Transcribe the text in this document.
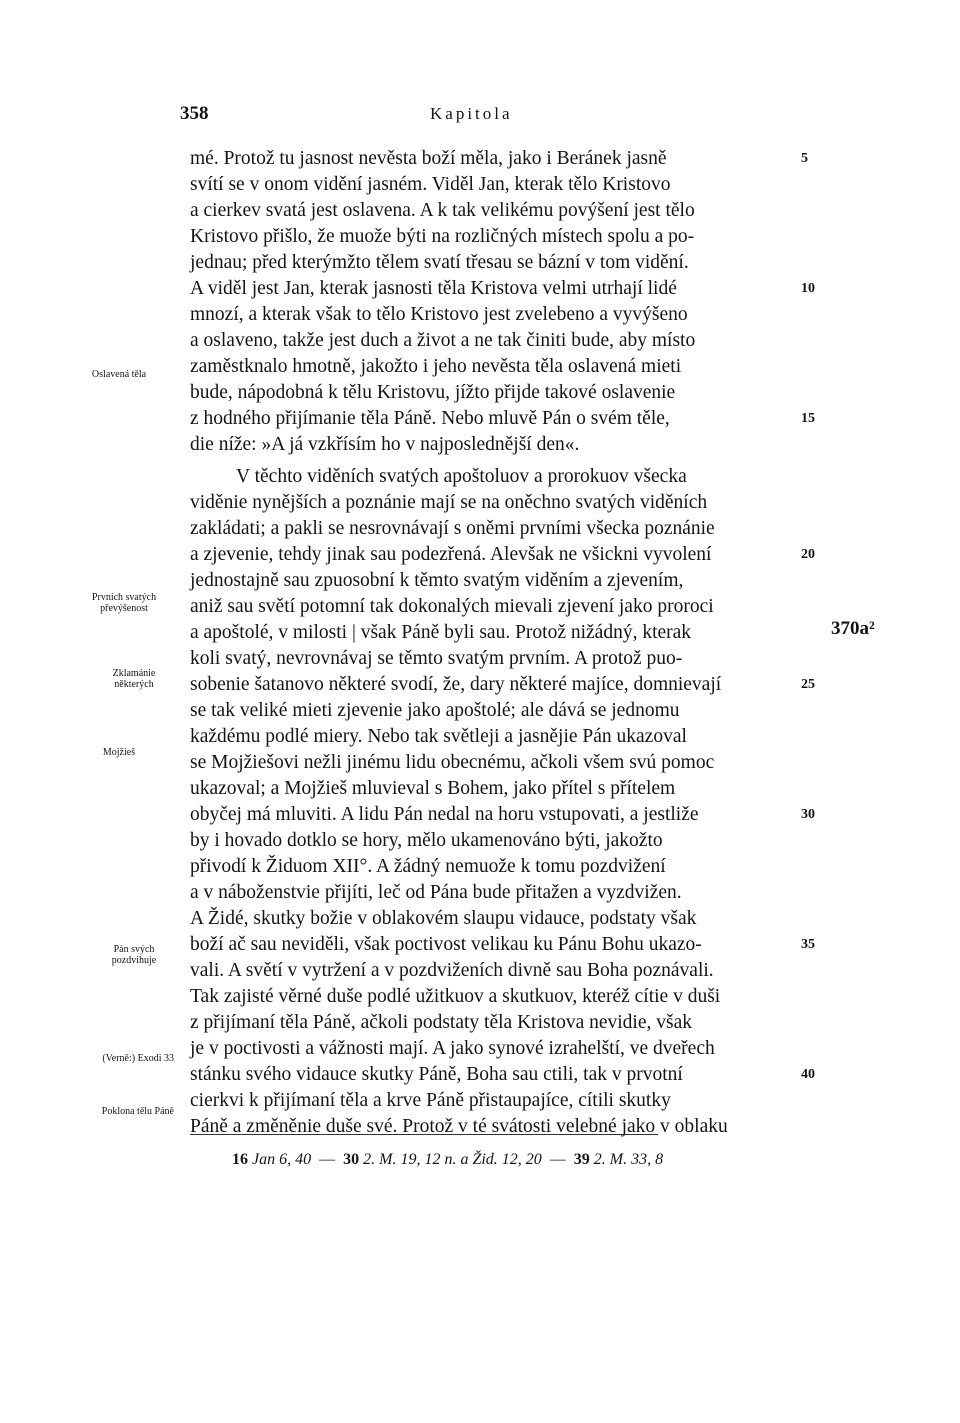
358	Kapitola
mé. Protož tu jasnost nevěsta boží měla, jako i Beránek jasně
svítí se v onom vidění jasném. Viděl Jan, kterak tělo Kristovo
a cierkev svatá jest oslavena. A k tak velikému povýšení jest tělo
Kristovo přišlo, že muože býti na rozličných místech spolu a po-
jednau; před kterýmžto tělem svatí třesau se bázní v tom vidění.
A viděl jest Jan, kterak jasnosti těla Kristova velmi utrhají lidé
mnozí, a kterak však to tělo Kristovo jest zvelebeno a vyvýšeno
a oslaveno, takže jest duch a život a ne tak činiti bude, aby místo
zaměstknalo hmotně, jakožto i jeho nevěsta těla oslavená mieti
bude, nápodobná k tělu Kristovu, jížto přijde takové oslavenie
z hodného přijímanie těla Páně. Nebo mluvě Pán o svém těle,
die níže: »A já vzkřísím ho v najposlednější den«.
V těchto viděních svatých apoštoluov a prorokuov všecka
viděnie nynějších a poznánie mají se na oněchno svatých viděních
zakládati; a pakli se nesrovnávají s oněmi prvními všecka poznánie
a zjevenie, tehdy jinak sau podezřená. Alevšak ne všickni vyvolení
jednostajně sau zpuosobní k těmto svatým viděním a zjevením,
aniž sau světí potomní tak dokonalých mievali zjevení jako proroci
a apoštolé, v milosti | však Páně byli sau. Protož nižádný, kterak
koli svatý, nevrovnávaj se těmto svatým prvním. A protož puo-
sobenie šatanovo některé svodí, že, dary některé majíce, domnievají
se tak veliké mieti zjevenie jako apoštolé; ale dává se jednomu
každému podlé miery. Nebo tak světleji a jasnějie Pán ukazoval
se Mojžiešovi nežli jinému lidu obecnému, ačkoli všem svú pomoc
ukazoval; a Mojžieš mluvieval s Bohem, jako přítel s přítelem
obyčej má mluviti. A lidu Pán nedal na horu vstupovati, a jestliže
by i hovado dotklo se hory, mělo ukamenováno býti, jakožto
přivodí k Židuom XII°. A žádný nemuože k tomu pozdvižení
a v náboženstvie přijíti, leč od Pána bude přitažen a vyzdvižen.
A Židé, skutky božie v oblakovém slaupu vidauce, podstaty však
boží ač sau neviděli, však poctivost velikau ku Pánu Bohu ukazo-
vali. A světí v vytržení a v pozdviženích divně sau Boha poznávali.
Tak zajisté věrné duše podlé užitkuov a skutkuov, kteréž cítie v duši
z přijímaní těla Páně, ačkoli podstaty těla Kristova nevidie, však
je v poctivosti a vážnosti mají. A jako synové izrahelští, ve dveřech
stánku svého vidauce skutky Páně, Boha sau ctili, tak v prvotní
cierkvi k přijímaní těla a krve Páně přistaupajíce, cítili skutky
Páně a změněnie duše své. Protož v té svátosti velebné jako v oblaku
5
10
15
20
25
30
35
40
370a²
Oslavená těla
Prvních svatých převýšenost
Zklamánie některých
Mojžieš
Pán svých pozdvihuje
(Verně:) Exodi 33
Poklona tělu Páně
16 Jan 6, 40  —  30 2. M. 19, 12 n. a Žid. 12, 20  —  39 2. M. 33, 8
